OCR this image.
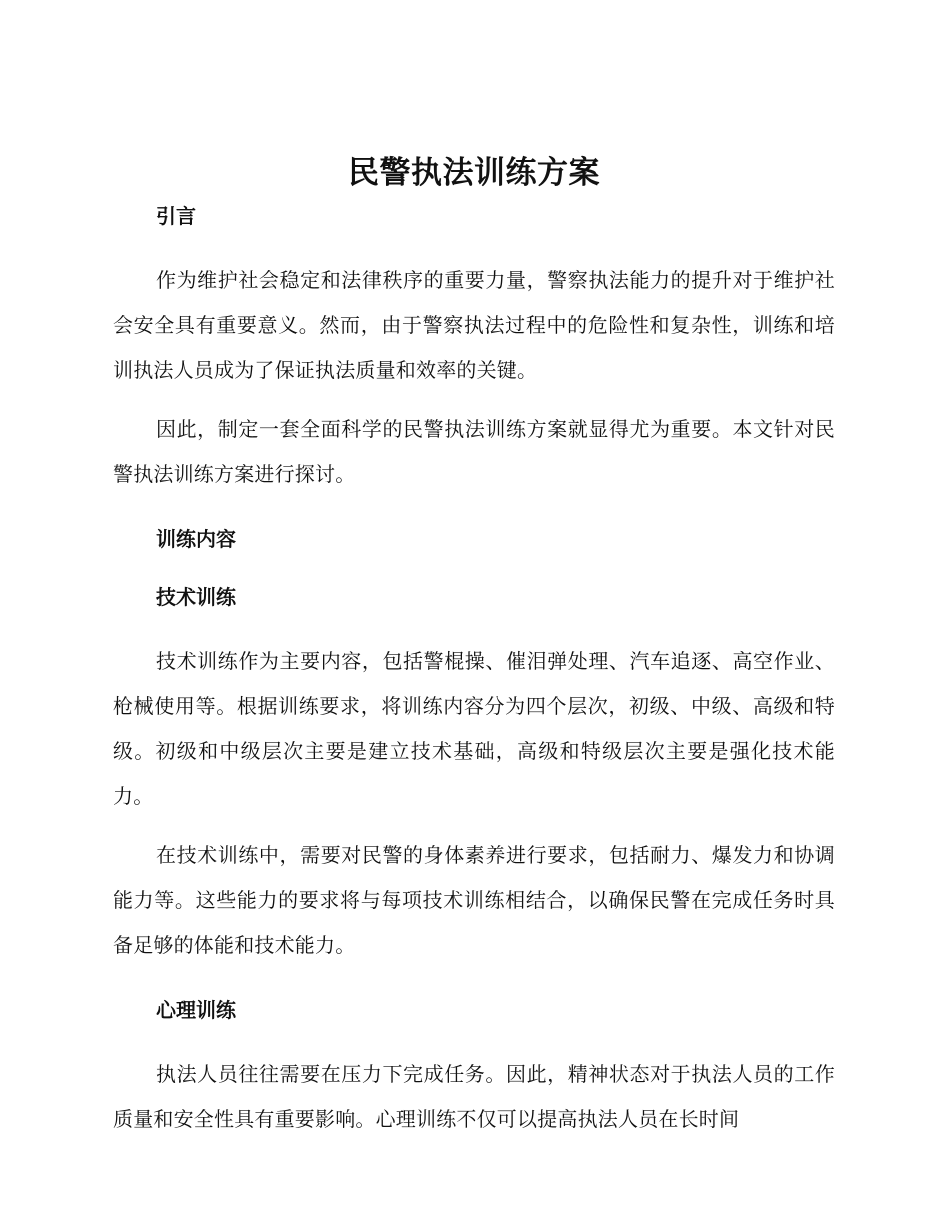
民警执法训练方案
引言

作为维护社会稳定和法律秩序的重要力量，警察执法能力的提升对于维护社会安全具有重要意义。然而，由于警察执法过程中的危险性和复杂性，训练和培训执法人员成为了保证执法质量和效率的关键。

因此，制定一套全面科学的民警执法训练方案就显得尤为重要。本文针对民警执法训练方案进行探讨。

训练内容
技术训练

技术训练作为主要内容，包括警棍操、催泪弹处理、汽车追逐、高空作业、枪械使用等。根据训练要求，将训练内容分为四个层次，初级、中级、高级和特级。初级和中级层次主要是建立技术基础，高级和特级层次主要是强化技术能力。

在技术训练中，需要对民警的身体素养进行要求，包括耐力、爆发力和协调能力等。这些能力的要求将与每项技术训练相结合，以确保民警在完成任务时具备足够的体能和技术能力。

心理训练

执法人员往往需要在压力下完成任务。因此，精神状态对于执法人员的工作质量和安全性具有重要影响。心理训练不仅可以提高执法人员在长时间
